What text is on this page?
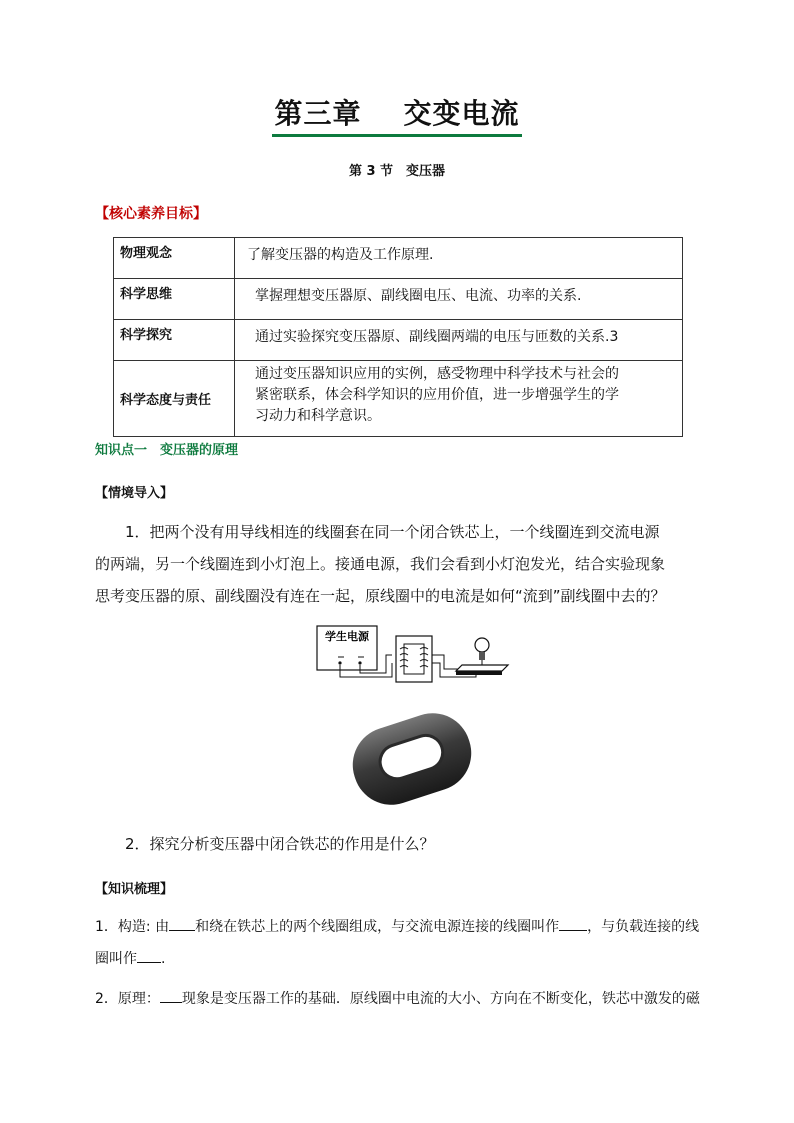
第三章 交变电流
第 3 节　变压器
【核心素养目标】
物理观念	了解变压器的构造及工作原理.
科学思维	掌握理想变压器原、副线圈电压、电流、功率的关系.
科学探究	通过实验探究变压器原、副线圈两端的电压与匝数的关系.3
科学态度与责任	通过变压器知识应用的实例，感受物理中科学技术与社会的
紧密联系，体会科学知识的应用价值，进一步增强学生的学
习动力和科学意识。
知识点一　变压器的原理
【情境导入】
1．把两个没有用导线相连的线圈套在同一个闭合铁芯上，一个线圈连到交流电源
的两端，另一个线圈连到小灯泡上。接通电源，我们会看到小灯泡发光，结合实验现象
思考变压器的原、副线圈没有连在一起，原线圈中的电流是如何“流到”副线圈中去的？
学生电源
2．探究分析变压器中闭合铁芯的作用是什么？
【知识梳理】
1．构造: 由 和绕在铁芯上的两个线圈组成，与交流电源连接的线圈叫作 ，与负载连接的线
圈叫作 .
2．原理： 现象是变压器工作的基础．原线圈中电流的大小、方向在不断变化，铁芯中激发的磁
